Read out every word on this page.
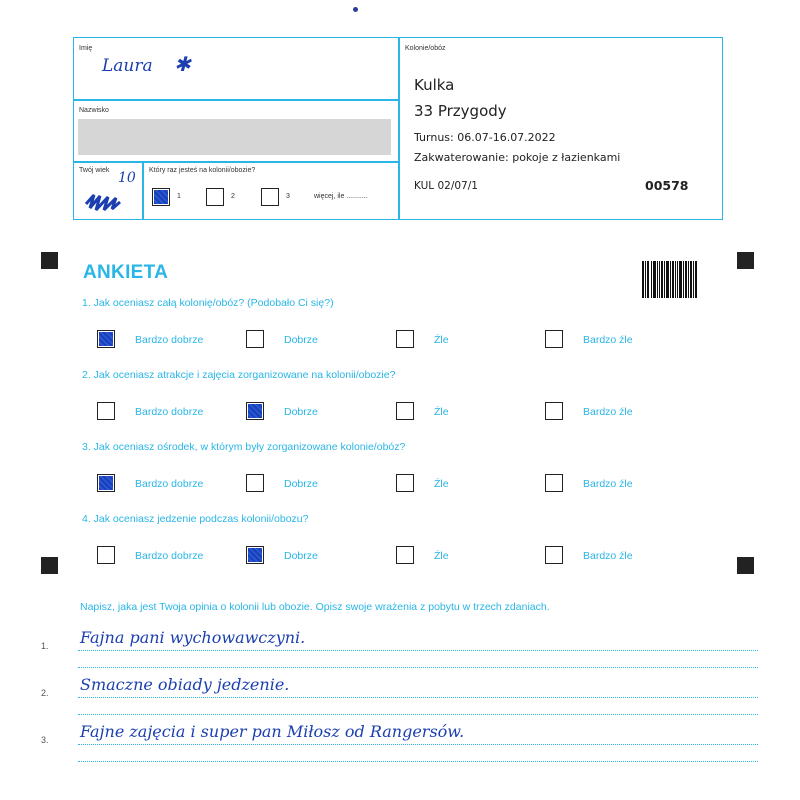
Imię
Laura ✱
Nazwisko
Twój wiek 10 Który raz jesteś na kolonii/obozie?
1	2	3	więcej, ile ...........
Kolonie/obóz
Kulka
33 Przygody
Turnus: 06.07-16.07.2022
Zakwaterowanie: pokoje z łazienkami
KUL 02/07/1	00578
ANKIETA
1. Jak oceniasz całą kolonię/obóz? (Podobało Ci się?)
Bardzo dobrze	Dobrze	Źle	Bardzo źle
2. Jak oceniasz atrakcje i zajęcia zorganizowane na kolonii/obozie?
Bardzo dobrze	Dobrze	Źle	Bardzo źle
3. Jak oceniasz ośrodek, w którym były zorganizowane kolonie/obóz?
Bardzo dobrze	Dobrze	Źle	Bardzo źle
4. Jak oceniasz jedzenie podczas kolonii/obozu?
Bardzo dobrze	Dobrze	Źle	Bardzo źle
Napisz, jaka jest Twoja opinia o kolonii lub obozie. Opisz swoje wrażenia z pobytu w trzech zdaniach.
1. Fajna pani wychowawczyni.
2. Smaczne obiady jedzenie.
3. Fajne zajęcia i super pan Miłosz od Rangersów.
